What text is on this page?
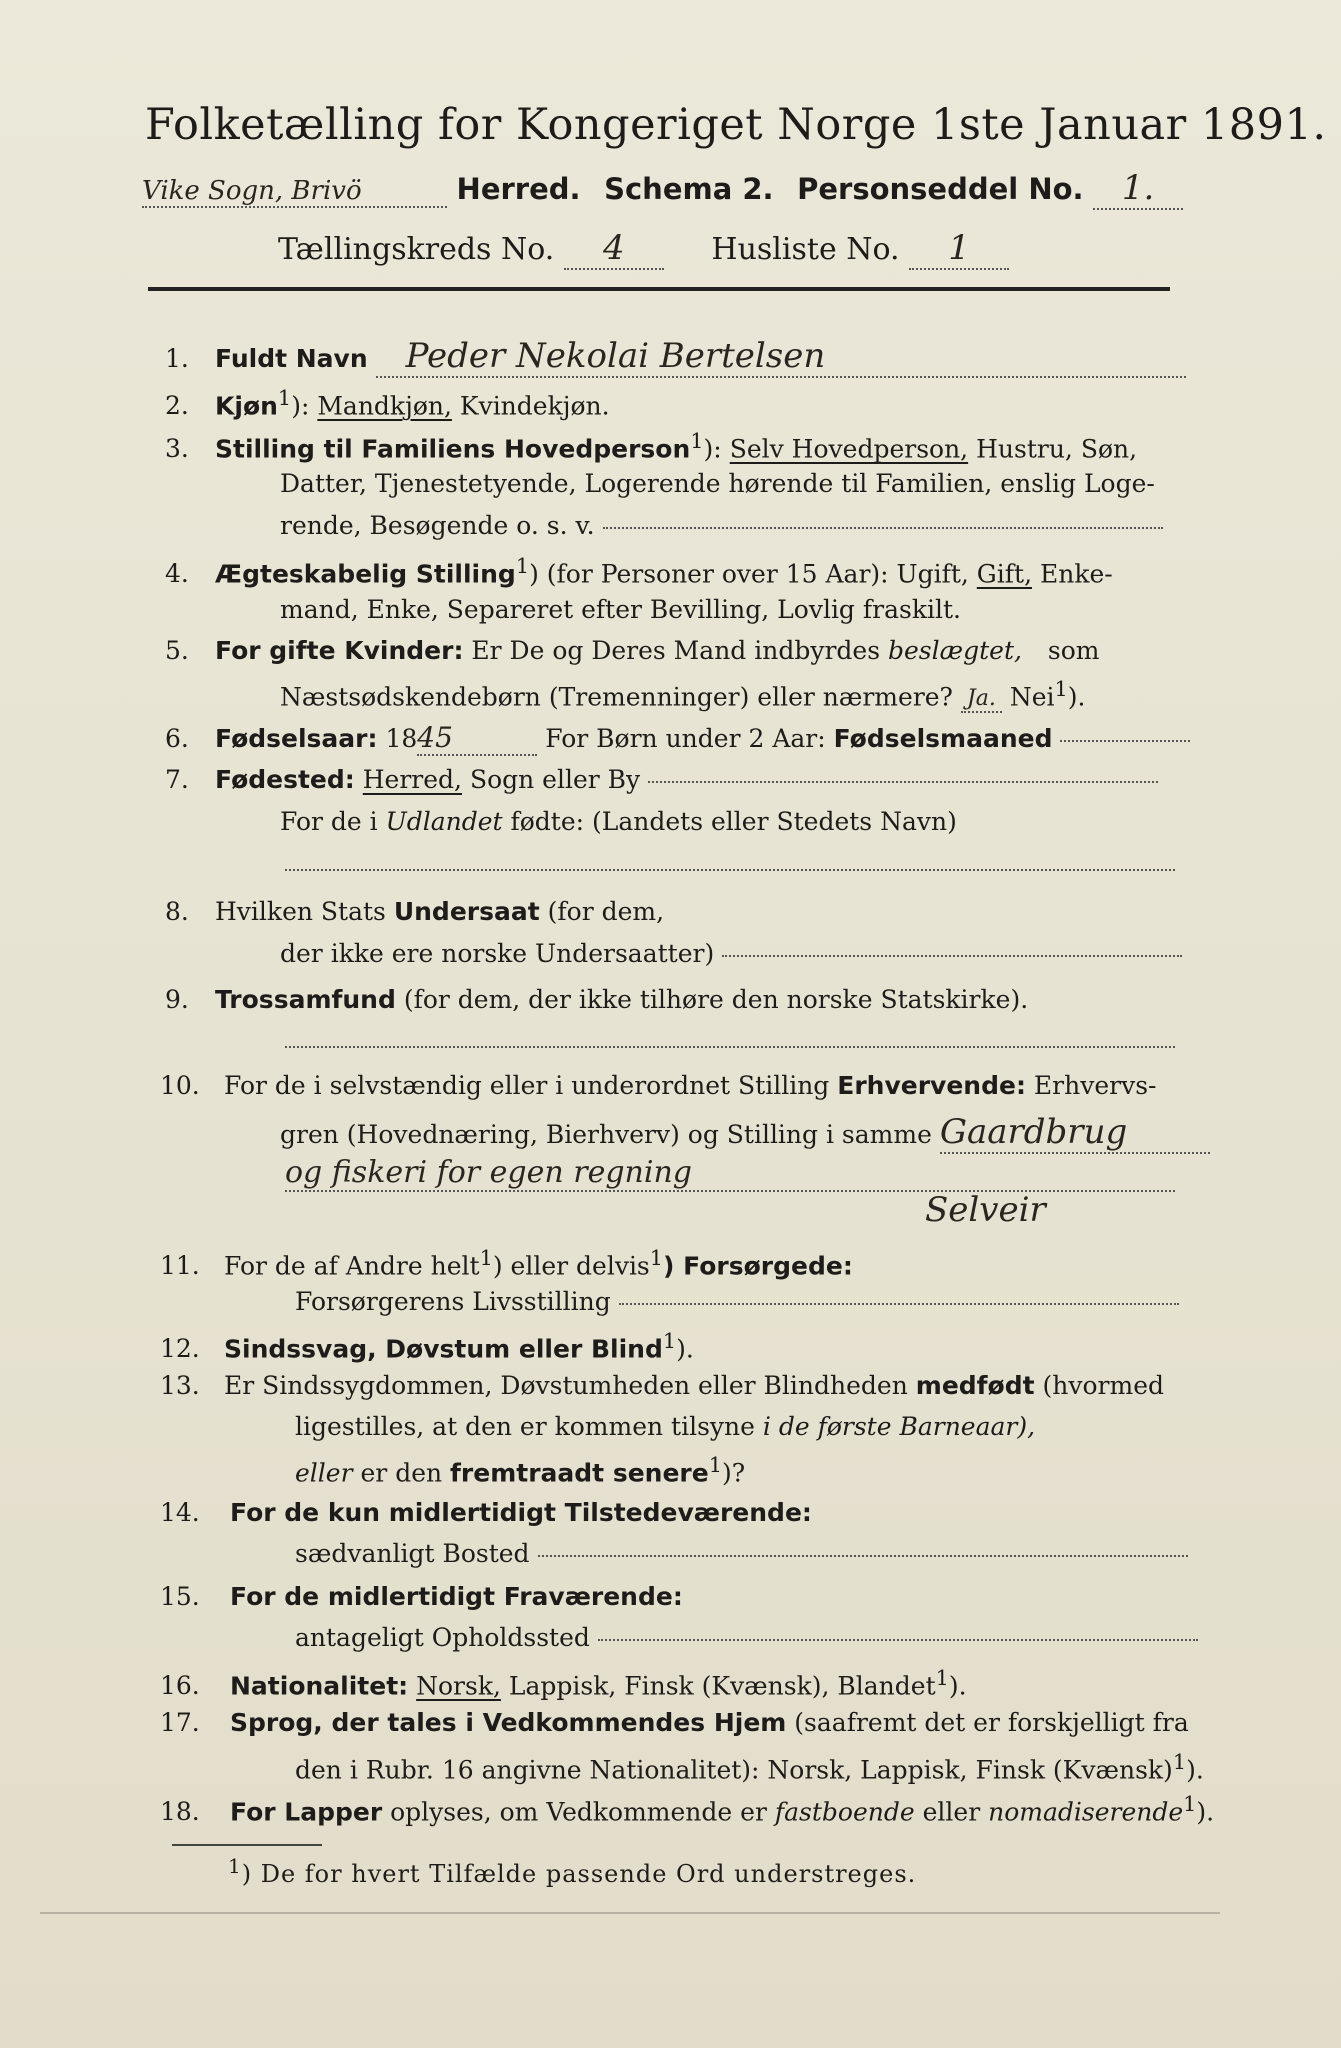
Folketælling for Kongeriget Norge 1ste Januar 1891.
Vike Sogn, Brivö	Herred. Schema 2. Personseddel No. 1.
Tællingskreds No. 4	Husliste No. 1
1. Fuldt Navn Peder Nekolai Bertelsen
2. Kjøn$^1$): Mandkjøn, Kvindekjøn.
3. Stilling til Familiens Hovedperson$^1$): Selv Hovedperson, Hustru, Søn,
Datter, Tjenestetyende, Logerende hørende til Familien, enslig Loge-
rende, Besøgende o. s. v.
4. Ægteskabelig Stilling$^1$) (for Personer over 15 Aar): Ugift, Gift, Enke-
mand, Enke, Separeret efter Bevilling, Lovlig fraskilt.
5. For gifte Kvinder: Er De og Deres Mand indbyrdes beslægtet, som
Næstsødskendebørn (Tremenninger) eller nærmere? Ja. Nei$^1$).
6. Fødselsaar: 1845	For Børn under 2 Aar: Fødselsmaaned
7. Fødested: Herred, Sogn eller By
For de i Udlandet fødte: (Landets eller Stedets Navn)
8. Hvilken Stats Undersaat (for dem,
der ikke ere norske Undersaatter)
9. Trossamfund (for dem, der ikke tilhøre den norske Statskirke).
10. For de i selvstændig eller i underordnet Stilling Erhvervende: Erhvervs-
gren (Hovednæring, Bierhverv) og Stilling i samme Gaardbrug
og fiskeri for egen regning
Selveir
11. For de af Andre helt$^1$) eller delvis$^1$) Forsørgede:
Forsørgerens Livsstilling
12. Sindssvag, Døvstum eller Blind$^1$).
13. Er Sindssygdommen, Døvstumheden eller Blindheden medfødt (hvormed
ligestilles, at den er kommen tilsyne i de første Barneaar),
eller er den fremtraadt senere$^1$)?
14. For de kun midlertidigt Tilstedeværende:
sædvanligt Bosted
15. For de midlertidigt Fraværende:
antageligt Opholdssted
16. Nationalitet: Norsk, Lappisk, Finsk (Kvænsk), Blandet$^1$).
17. Sprog, der tales i Vedkommendes Hjem (saafremt det er forskjelligt fra
den i Rubr. 16 angivne Nationalitet): Norsk, Lappisk, Finsk (Kvænsk)$^1$).
18. For Lapper oplyses, om Vedkommende er fastboende eller nomadiserende$^1$).
$^1$) De for hvert Tilfælde passende Ord understreges.
